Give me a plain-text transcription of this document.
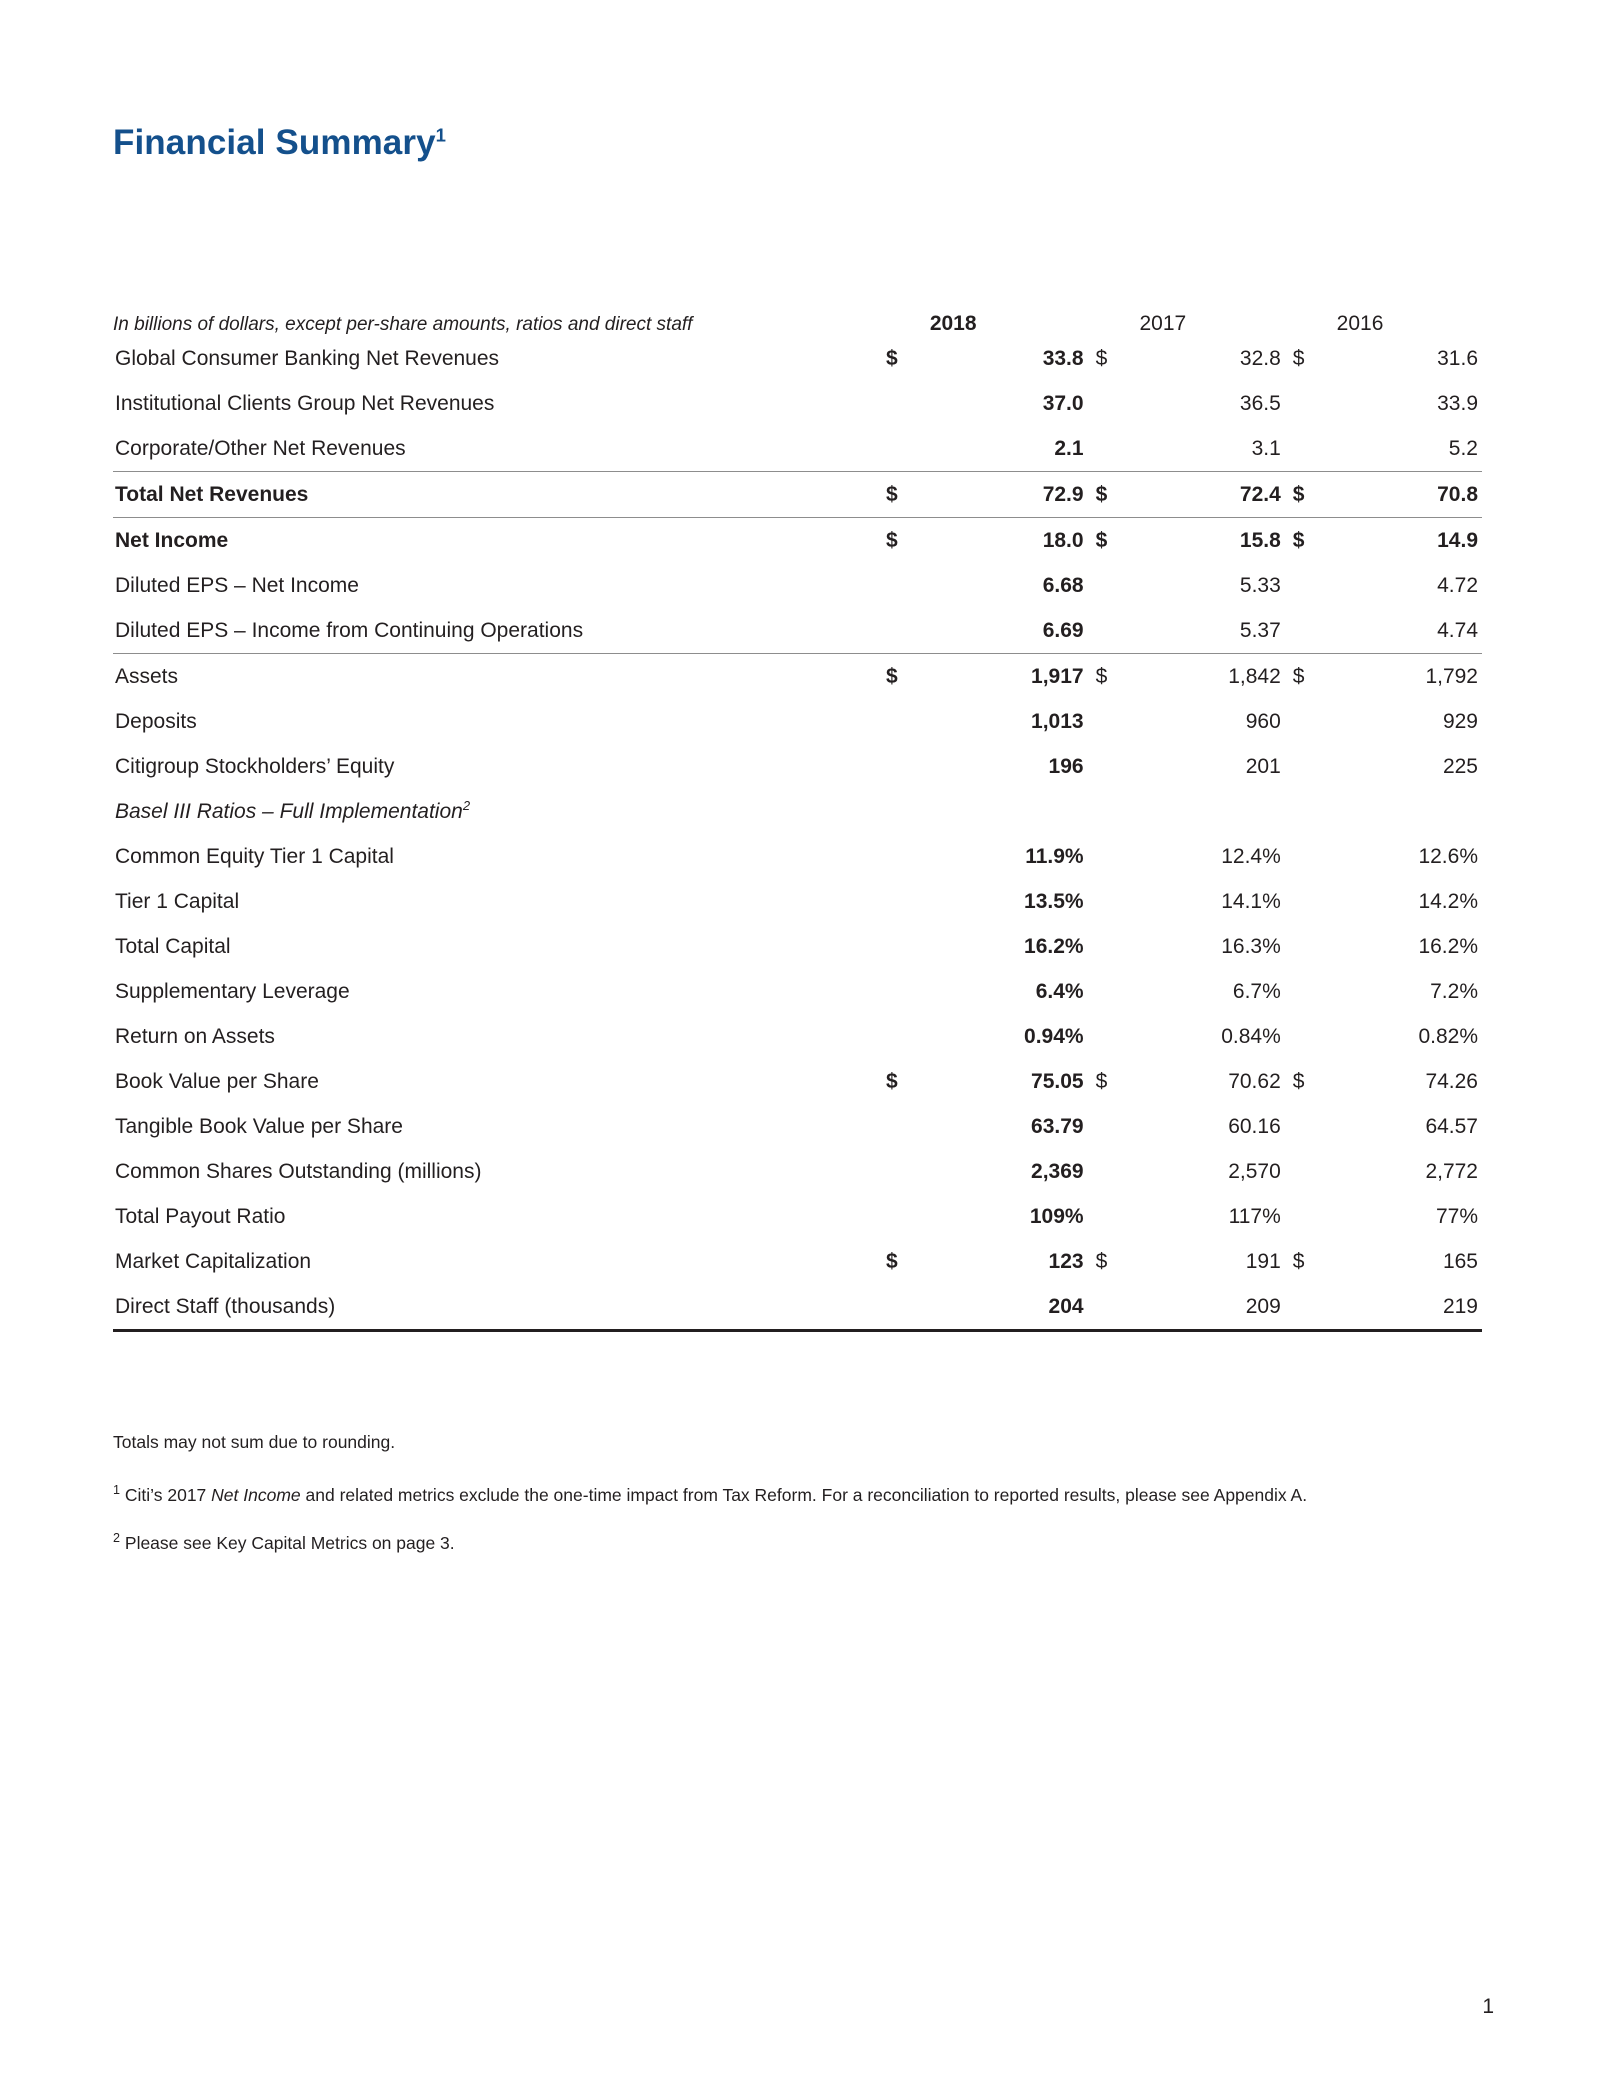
Financial Summary$^1$
In billions of dollars, except per-share amounts, ratios and direct staff		2018		2017		2016
Global Consumer Banking Net Revenues	$	33.8	$	32.8	$	31.6
Institutional Clients Group Net Revenues		37.0		36.5		33.9
Corporate/Other Net Revenues		2.1		3.1		5.2
Total Net Revenues	$	72.9	$	72.4	$	70.8
Net Income	$	18.0	$	15.8	$	14.9
Diluted EPS – Net Income		6.68		5.33		4.72
Diluted EPS – Income from Continuing Operations		6.69		5.37		4.74
Assets	$	1,917	$	1,842	$	1,792
Deposits		1,013		960		929
Citigroup Stockholders’ Equity		196		201		225
Basel III Ratios – Full Implementation$^2$						
Common Equity Tier 1 Capital		11.9%		12.4%		12.6%
Tier 1 Capital		13.5%		14.1%		14.2%
Total Capital		16.2%		16.3%		16.2%
Supplementary Leverage		6.4%		6.7%		7.2%
Return on Assets		0.94%		0.84%		0.82%
Book Value per Share	$	75.05	$	70.62	$	74.26
Tangible Book Value per Share		63.79		60.16		64.57
Common Shares Outstanding (millions)		2,369		2,570		2,772
Total Payout Ratio		109%		117%		77%
Market Capitalization	$	123	$	191	$	165
Direct Staff (thousands)		204		209		219
Totals may not sum due to rounding.
$^1$ Citi’s 2017 Net Income and related metrics exclude the one-time impact from Tax Reform. For a reconciliation to reported results, please see Appendix A.
$^2$ Please see Key Capital Metrics on page 3.
1
